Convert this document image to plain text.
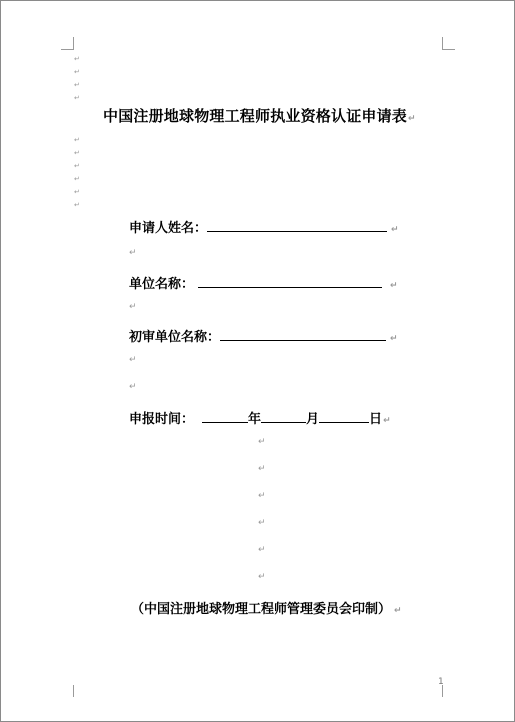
↵
↵
↵
↵
中国注册地球物理工程师执业资格认证申请表↵
↵
↵
↵
↵
↵
↵
申请人姓名：	↵
↵
单位名称：	↵
↵
初审单位名称：	↵
↵
↵
申报时间：	年	月	日↵
↵
↵
↵
↵
↵
↵
（中国注册地球物理工程师管理委员会印制） ↵
1
